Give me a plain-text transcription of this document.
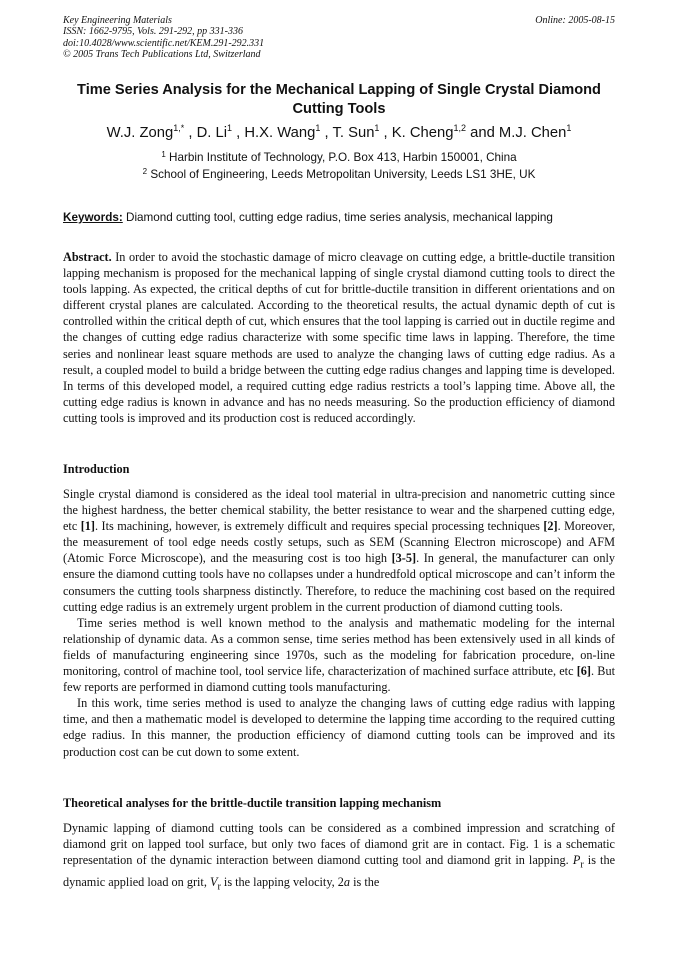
Key Engineering Materials
ISSN: 1662-9795, Vols. 291-292, pp 331-336
doi:10.4028/www.scientific.net/KEM.291-292.331
© 2005 Trans Tech Publications Ltd, Switzerland
Online: 2005-08-15
Time Series Analysis for the Mechanical Lapping of Single Crystal Diamond Cutting Tools
W.J. Zong$^{1,*}$ , D. Li$^1$ , H.X. Wang$^1$ , T. Sun$^1$ , K. Cheng$^{1,2}$ and M.J. Chen$^1$
$^1$ Harbin Institute of Technology, P.O. Box 413, Harbin 150001, China
$^2$ School of Engineering, Leeds Metropolitan University, Leeds LS1 3HE, UK
Keywords: Diamond cutting tool, cutting edge radius, time series analysis, mechanical lapping
Abstract. In order to avoid the stochastic damage of micro cleavage on cutting edge, a brittle-ductile transition lapping mechanism is proposed for the mechanical lapping of single crystal diamond cutting tools to direct the tools lapping. As expected, the critical depths of cut for brittle-ductile transition in different orientations and on different crystal planes are calculated. According to the theoretical results, the actual dynamic depth of cut is controlled within the critical depth of cut, which ensures that the tool lapping is carried out in ductile regime and the changes of cutting edge radius characterize with some specific time laws in lapping. Therefore, the time series and nonlinear least square methods are used to analyze the changing laws of cutting edge radius. As a result, a coupled model to build a bridge between the cutting edge radius changes and lapping time is developed. In terms of this developed model, a required cutting edge radius restricts a tool’s lapping time. Above all, the cutting edge radius is known in advance and has no needs measuring. So the production efficiency of diamond cutting tools is improved and its production cost is reduced accordingly.
Introduction

Single crystal diamond is considered as the ideal tool material in ultra-precision and nanometric cutting since the highest hardness, the better chemical stability, the better resistance to wear and the sharpened cutting edge, etc [1]. Its machining, however, is extremely difficult and requires special processing techniques [2]. Moreover, the measurement of tool edge needs costly setups, such as SEM (Scanning Electron microscope) and AFM (Atomic Force Microscope), and the measuring cost is too high [3-5]. In general, the manufacturer can only ensure the diamond cutting tools have no collapses under a hundredfold optical microscope and can’t inform the consumers the cutting tools sharpness distinctly. Therefore, to reduce the machining cost based on the required cutting edge radius is an extremely urgent problem in the current production of diamond cutting tools.

Time series method is well known method to the analysis and mathematic modeling for the internal relationship of dynamic data. As a common sense, time series method has been extensively used in all kinds of fields of manufacturing engineering since 1970s, such as the modeling for fabrication procedure, on-line monitoring, control of machine tool, tool service life, characterization of machined surface attribute, etc [6]. But few reports are performed in diamond cutting tools manufacturing.

In this work, time series method is used to analyze the changing laws of cutting edge radius with lapping time, and then a mathematic model is developed to determine the lapping time according to the required cutting edge radius. In this manner, the production efficiency of diamond cutting tools can be improved and its production cost can be cut down to some extent.

Theoretical analyses for the brittle-ductile transition lapping mechanism

Dynamic lapping of diamond cutting tools can be considered as a combined impression and scratching of diamond grit on lapped tool surface, but only two faces of diamond grit are in contact. Fig. 1 is a schematic representation of the dynamic interaction between diamond cutting tool and diamond grit in lapping. $P_r$ is the dynamic applied load on grit, $V_r$ is the lapping velocity, 2a is the
